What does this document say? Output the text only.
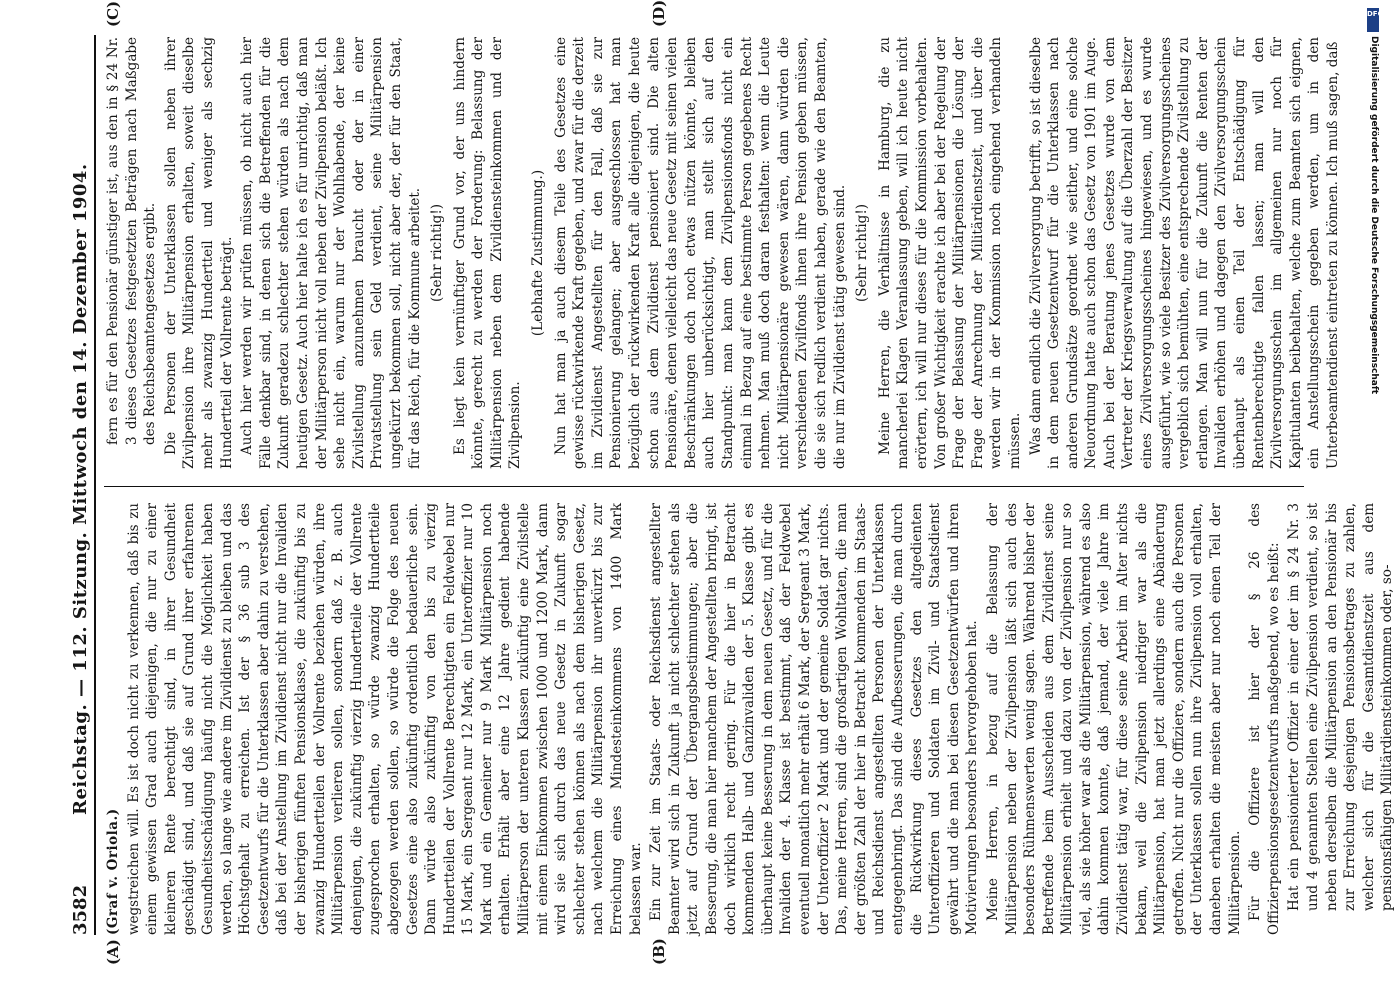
3582
Reichstag. — 112. Sitzung. Mittwoch den 14. Dezember 1904.
(A)	(B)
(C)	(D)

(Graf v. Oriola.) wegstreichen will. Es ist doch nicht zu verkennen, daß bis zu einem gewissen Grad auch diejenigen, die nur zu einer kleineren Rente berechtigt sind, in ihrer Gesundheit geschädigt sind, und daß sie auf Grund ihrer erfahrenen Gesundheitsschädigung häufig nicht die Möglichkeit haben werden, so lange wie andere im Zivildienst zu bleiben und das Höchstgehalt zu erreichen. Ist der § 36 sub 3 des Gesetzentwurfs für die Unterklassen aber dahin zu verstehen, daß bei der Anstellung im Zivildienst nicht nur die Invaliden der bisherigen fünften Pensionsklasse, die zukünftig bis zu zwanzig Hundertteilen der Vollrente beziehen würden, ihre Militärpension verlieren sollen, sondern daß z. B. auch denjenigen, die zukünftig vierzig Hundertteile der Vollrente zugesprochen erhalten, so würde zwanzig Hundertteile abgezogen werden sollen, so würde die Folge des neuen Gesetzes eine also zukünftig ordentlich bedauerliche sein. Dann würde also zukünftig von den bis zu vierzig Hundertteilen der Vollrente Berechtigten ein Feldwebel nur 15 Mark, ein Sergeant nur 12 Mark, ein Unteroffizier nur 10 Mark und ein Gemeiner nur 9 Mark Militärpension noch erhalten. Erhält aber eine 12 Jahre gedient habende Militärperson der unteren Klassen zukünftig eine Zivilstelle mit einem Einkommen zwischen 1000 und 1200 Mark, dann wird sie sich durch das neue Gesetz in Zukunft sogar schlechter stehen können als nach dem bisherigen Gesetz, nach welchem die Militärpension ihr unverkürzt bis zur Erreichung eines Mindesteinkommens von 1400 Mark belassen war. Ein zur Zeit im Staats- oder Reichsdienst angestellter Beamter wird sich in Zukunft ja nicht schlechter stehen als jetzt auf Grund der Übergangsbestimmungen; aber die Besserung, die man hier manchem der Angestellten bringt, ist doch wirklich recht gering. Für die hier in Betracht kommenden Halb- und Ganzinvaliden der 5. Klasse gibt es überhaupt keine Besserung in dem neuen Gesetz, und für die Invaliden der 4. Klasse ist bestimmt, daß der Feldwebel eventuell monatlich mehr erhält 6 Mark, der Sergeant 3 Mark, der Unteroffizier 2 Mark und der gemeine Soldat gar nichts. Das, meine Herren, sind die großartigen Wohltaten, die man der größten Zahl der hier in Betracht kommenden im Staats- und Reichsdienst angestellten Personen der Unterklassen entgegenbringt. Das sind die Aufbesserungen, die man durch die Rückwirkung dieses Gesetzes den altgedienten Unteroffizieren und Soldaten im Zivil- und Staatsdienst gewährt und die man bei diesen Gesetzentwürfen und ihren Motivierungen besonders hervorgehoben hat. Meine Herren, in bezug auf die Belassung der Militärpension neben der Zivilpension läßt sich auch des besonders Rühmenswerten wenig sagen. Während bisher der Betreffende beim Ausscheiden aus dem Zivildienst seine Militärpension erhielt und dazu von der Zivilpension nur so viel, als sie höher war als die Militärpension, während es also dahin kommen konnte, daß jemand, der viele Jahre im Zivildienst tätig war, für diese seine Arbeit im Alter nichts bekam, weil die Zivilpension niedriger war als die Militärpension, hat man jetzt allerdings eine Abänderung getroffen. Nicht nur die Offiziere, sondern auch die Personen der Unterklassen sollen nun ihre Zivilpension voll erhalten, daneben erhalten die meisten aber nur noch einen Teil der Militärpension. Für die Offiziere ist hier der § 26 des Offizierpensionsgesetzentwurfs maßgebend, wo es heißt: Hat ein pensionierter Offizier in einer der im § 24 Nr. 3 und 4 genannten Stellen eine Zivilpension verdient, so ist neben derselben die Militärpension an den Pensionär bis zur Erreichung desjenigen Pensionsbetrages zu zahlen, welcher sich für die Gesamtdienstzeit aus dem pensionsfähigen Militärdiensteinkommen oder, so-

fern es für den Pensionär günstiger ist, aus den in § 24 Nr. 3 dieses Gesetzes festgesetzten Beträgen nach Maßgabe des Reichsbeamtengesetzes ergibt. Die Personen der Unterklassen sollen neben ihrer Zivilpension ihre Militärpension erhalten, soweit dieselbe mehr als zwanzig Hundertteil und weniger als sechzig Hundertteil der Vollrente beträgt. Auch hier werden wir prüfen müssen, ob nicht auch hier Fälle denkbar sind, in denen sich die Betreffenden für die Zukunft geradezu schlechter stehen würden als nach dem heutigen Gesetz. Auch hier halte ich es für unrichtig, daß man der Militärperson nicht voll neben der Zivilpension beläßt. Ich sehe nicht ein, warum nur der Wohlhabende, der keine Zivilstellung anzunehmen braucht oder der in einer Privatstellung sein Geld verdient, seine Militärpension ungekürzt bekommen soll, nicht aber der, der für den Staat, für das Reich, für die Kommune arbeitet. (Sehr richtig!) Es liegt kein vernünftiger Grund vor, der uns hindern könnte, gerecht zu werden der Forderung: Belassung der Militärpension neben dem Zivildiensteinkommen und der Zivilpension.

(Lebhafte Zustimmung.) Nun hat man ja auch diesem Teile des Gesetzes eine gewisse rückwirkende Kraft gegeben, und zwar für die derzeit im Zivildienst Angestellten für den Fall, daß sie zur Pensionierung gelangen; aber ausgeschlossen hat man bezüglich der rückwirkenden Kraft alle diejenigen, die heute schon aus dem Zivildienst pensioniert sind. Die alten Pensionäre, denen vielleicht das neue Gesetz mit seinen vielen Beschränkungen doch noch etwas nützen könnte, bleiben auch hier unberücksichtigt, man stellt sich auf den Standpunkt: man kann dem Zivilpensionsfonds nicht ein einmal in Bezug auf eine bestimmte Person gegebenes Recht nehmen. Man muß doch daran festhalten: wenn die Leute nicht Militärpensionäre gewesen wären, dann würden die verschiedenen Zivilfonds ihnen ihre Pension geben müssen, die sie sich redlich verdient haben, gerade wie den Beamten, die nur im Zivildienst tätig gewesen sind. (Sehr richtig!) Meine Herren, die Verhältnisse in Hamburg, die zu mancherlei Klagen Veranlassung geben, will ich heute nicht erörtern, ich will nur dieses für die Kommission vorbehalten. Von großer Wichtigkeit erachte ich aber bei der Regelung der Frage der Belassung der Militärpensionen die Lösung der Frage der Anrechnung der Militärdienstzeit, und über die werden wir in der Kommission noch eingehend verhandeln müssen. Was dann endlich die Zivilversorgung betrifft, so ist dieselbe in dem neuen Gesetzentwurf für die Unterklassen nach anderen Grundsätze geordnet wie seither, und eine solche Neuordnung hatte auch schon das Gesetz von 1901 im Auge. Auch bei der Beratung jenes Gesetzes wurde von dem Vertreter der Kriegsverwaltung auf die Überzahl der Besitzer eines Zivilversorgungsscheines hingewiesen, und es wurde ausgeführt, wie so viele Besitzer des Zivilversorgungsscheines vergeblich sich bemühten, eine entsprechende Zivilstellung zu erlangen. Man will nun für die Zukunft die Renten der Invaliden erhöhen und dagegen den Zivilversorgungsschein überhaupt als einen Teil der Entschädigung für Rentenberechtigte fallen lassen; man will den Zivilversorgungsschein im allgemeinen nur noch für Kapitulanten beibehalten, welche zum Beamten sich eignen, ein Anstellungsschein gegeben werden, um in den Unterbeamtendienst eintreten zu können. Ich muß sagen, daß

DFG
Digitalisierung gefördert durch die Deutsche Forschungsgemeinschaft
